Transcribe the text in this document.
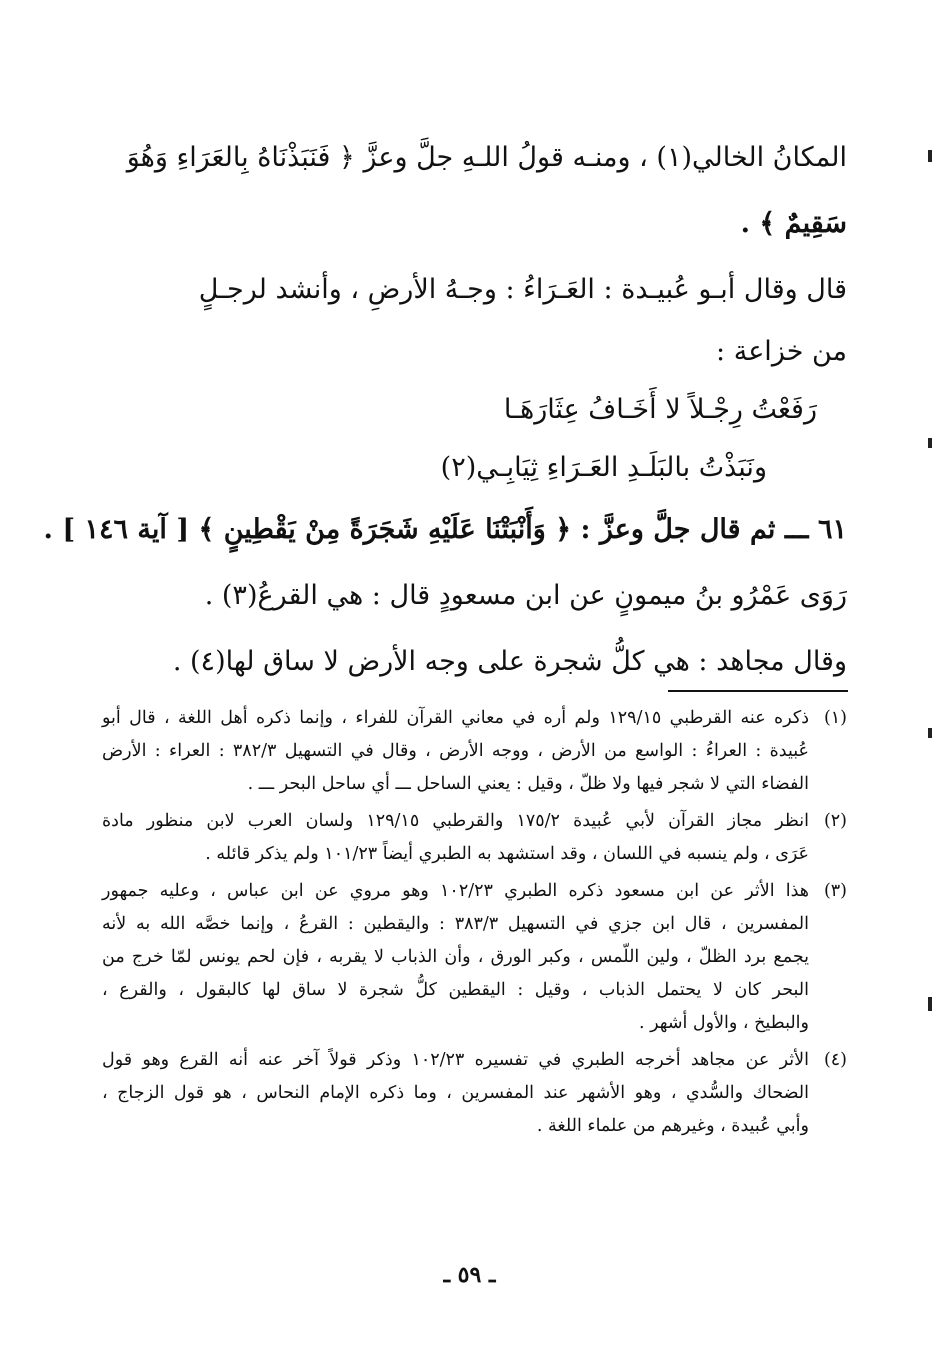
المكانُ الخالي(١) ، ومنـه قولُ اللـهِ جلَّ وعزَّ ﴿ فَنَبَذْنَاهُ بِالعَرَاءِ وَهُوَ

سَقِيمٌ ﴾ .

قال وقال أبـو عُبيـدة : العَـرَاءُ : وجـهُ الأرضِ ، وأنشد لرجـلٍ

من خزاعة :

رَفَعْتُ رِجْـلاً لا أَخَـافُ عِثَارَهَـا

ونَبَذْتُ بالبَلَـدِ العَـرَاءِ ثِيَابِـي(٢)

٦١ ـــ ثم قال جلَّ وعزَّ : ﴿ وَأَنْبَتْنَا عَلَيْهِ شَجَرَةً مِنْ يَقْطِينٍ ﴾ [ آية ١٤٦ ] .

رَوَى عَمْرُو بنُ ميمونٍ عن ابن مسعودٍ قال : هي القرعُ(٣) .

وقال مجاهد : هي كلُّ شجرة على وجه الأرض لا ساق لها(٤) .

(١)
ذكره عنه القرطبي ١٢٩/١٥ ولم أره في معاني القرآن للفراء ، وإنما ذكره أهل اللغة ، قال أبو
عُبيدة : العراءُ : الواسع من الأرض ، ووجه الأرض ، وقال في التسهيل ٣٨٢/٣ : العراء : الأرض
الفضاء التي لا شجر فيها ولا ظلّ ، وقيل : يعني الساحل ـــ أي ساحل البحر ـــ .
(٢)
انظر مجاز القرآن لأبي عُبيدة ١٧٥/٢ والقرطبي ١٢٩/١٥ ولسان العرب لابن منظور مادة
عَرَى ، ولم ينسبه في اللسان ، وقد استشهد به الطبري أيضاً ١٠١/٢٣ ولم يذكر قائله .
(٣)
هذا الأثر عن ابن مسعود ذكره الطبري ١٠٢/٢٣ وهو مروي عن ابن عباس ، وعليه جمهور
المفسرين ، قال ابن جزي في التسهيل ٣٨٣/٣ : واليقطين : القرعُ ، وإنما خصَّه الله به لأنه
يجمع برد الظلّ ، ولين اللّمس ، وكبر الورق ، وأن الذباب لا يقربه ، فإن لحم يونس لمّا خرج من
البحر كان لا يحتمل الذباب ، وقيل : اليقطين كلُّ شجرة لا ساق لها كالبقول ، والقرع ،
والبطيخ ، والأول أشهر .
(٤)
الأثر عن مجاهد أخرجه الطبري في تفسيره ١٠٢/٢٣ وذكر قولاً آخر عنه أنه القرع وهو قول
الضحاك والسُّدي ، وهو الأشهر عند المفسرين ، وما ذكره الإمام النحاس ، هو قول الزجاج ،
وأبي عُبيدة ، وغيرهم من علماء اللغة .
ـ ٥٩ ـ
